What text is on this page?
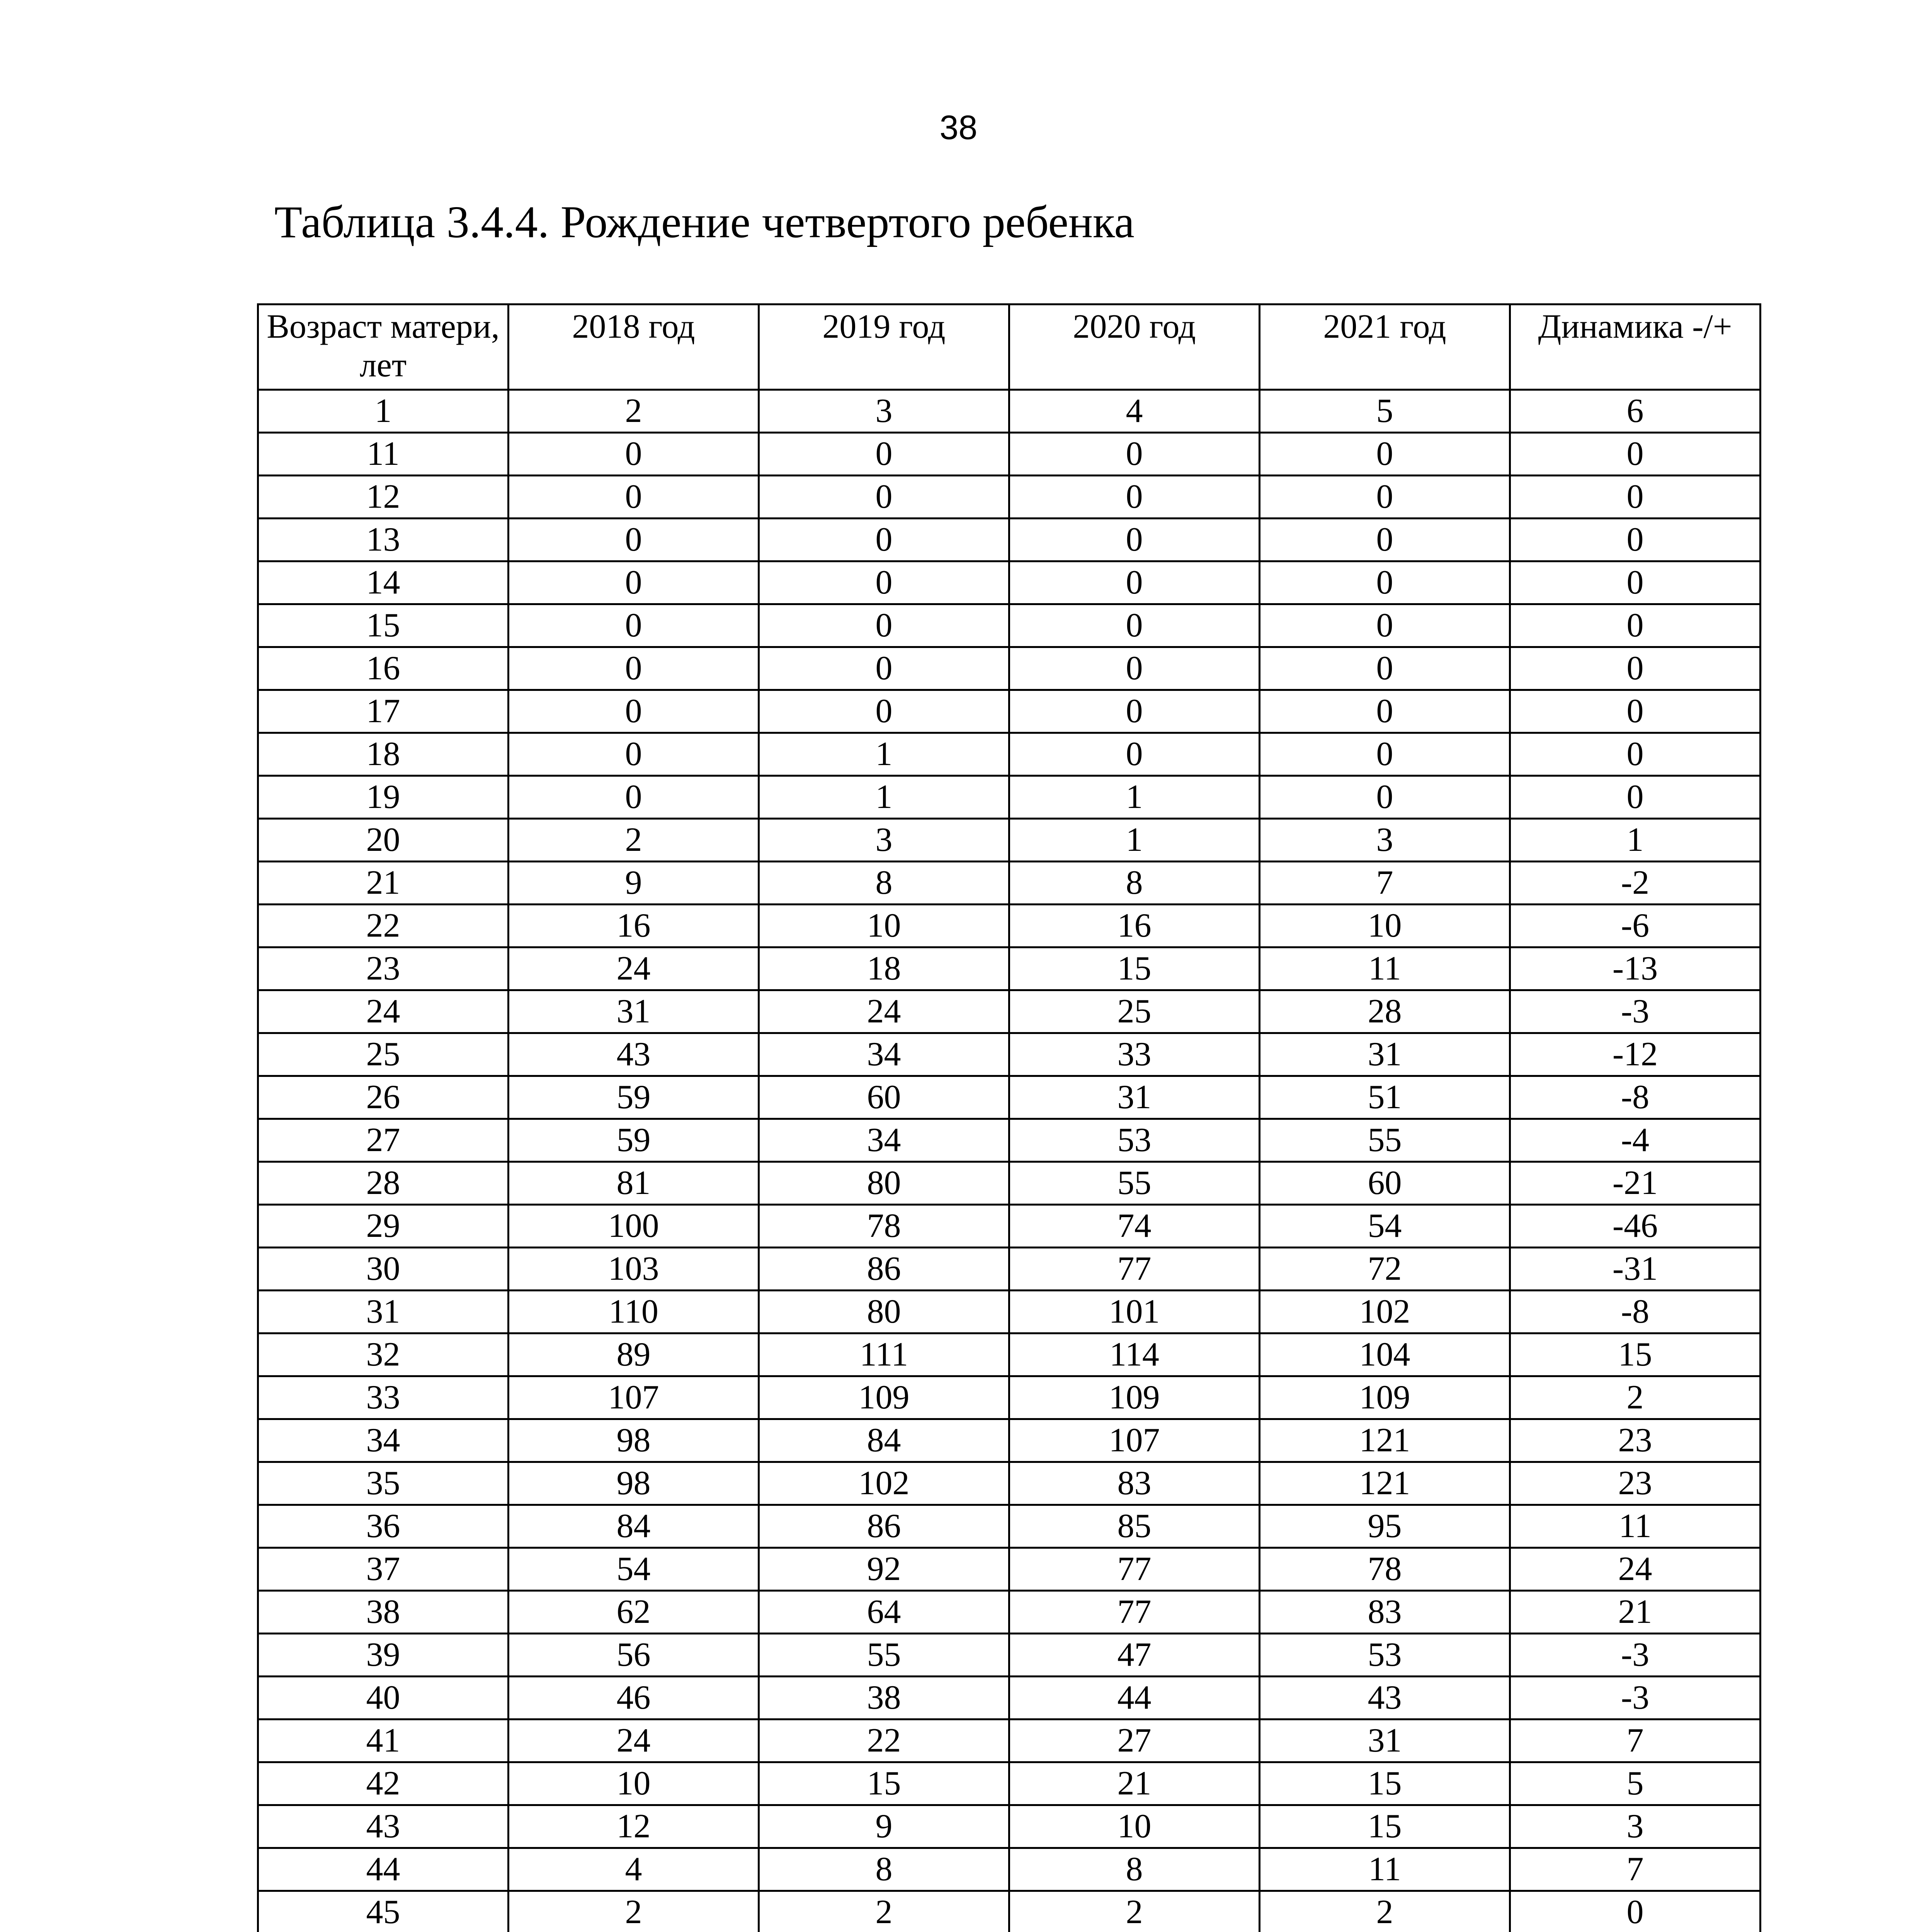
38
Таблица 3.4.4. Рождение четвертого ребенка
Возраст матери, лет	2018 год	2019 год	2020 год	2021 год	Динамика -/+
1	2	3	4	5	6
11	0	0	0	0	0
12	0	0	0	0	0
13	0	0	0	0	0
14	0	0	0	0	0
15	0	0	0	0	0
16	0	0	0	0	0
17	0	0	0	0	0
18	0	1	0	0	0
19	0	1	1	0	0
20	2	3	1	3	1
21	9	8	8	7	-2
22	16	10	16	10	-6
23	24	18	15	11	-13
24	31	24	25	28	-3
25	43	34	33	31	-12
26	59	60	31	51	-8
27	59	34	53	55	-4
28	81	80	55	60	-21
29	100	78	74	54	-46
30	103	86	77	72	-31
31	110	80	101	102	-8
32	89	111	114	104	15
33	107	109	109	109	2
34	98	84	107	121	23
35	98	102	83	121	23
36	84	86	85	95	11
37	54	92	77	78	24
38	62	64	77	83	21
39	56	55	47	53	-3
40	46	38	44	43	-3
41	24	22	27	31	7
42	10	15	21	15	5
43	12	9	10	15	3
44	4	8	8	11	7
45	2	2	2	2	0
